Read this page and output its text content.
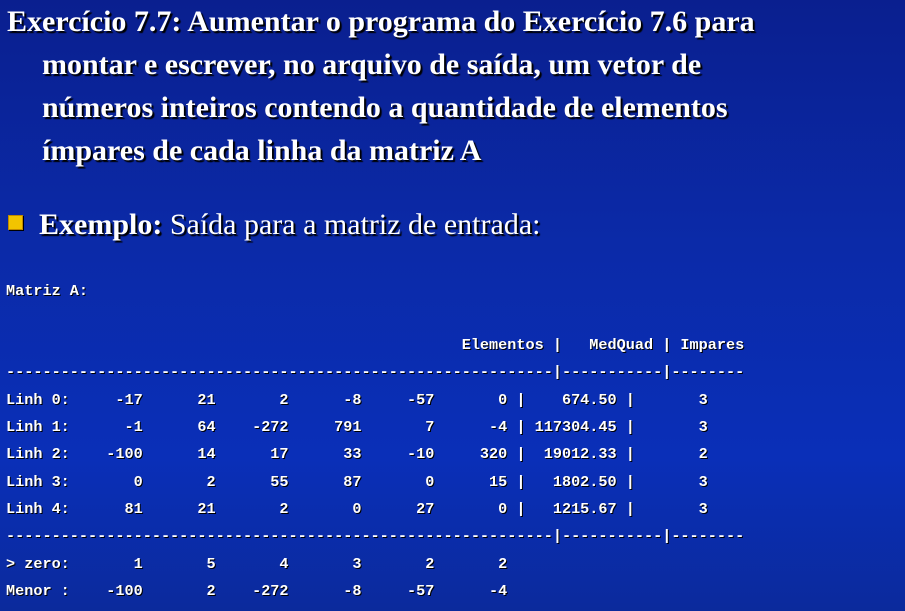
Exercício 7.7: Aumentar o programa do Exercício 7.6 para
montar e escrever, no arquivo de saída, um vetor de
números inteiros contendo a quantidade de elementos
ímpares de cada linha da matriz A
Exemplo: Saída para a matriz de entrada:
Matriz A:
Elementos |   MedQuad | Impares
------------------------------------------------------------|-----------|--------
Linh 0:     -17      21       2      -8     -57       0 |    674.50 |       3
Linh 1:      -1      64    -272     791       7      -4 | 117304.45 |       3
Linh 2:    -100      14      17      33     -10     320 |  19012.33 |       2
Linh 3:       0       2      55      87       0      15 |   1802.50 |       3
Linh 4:      81      21       2       0      27       0 |   1215.67 |       3
------------------------------------------------------------|-----------|--------
> zero:       1       5       4       3       2       2
Menor :    -100       2    -272      -8     -57      -4
